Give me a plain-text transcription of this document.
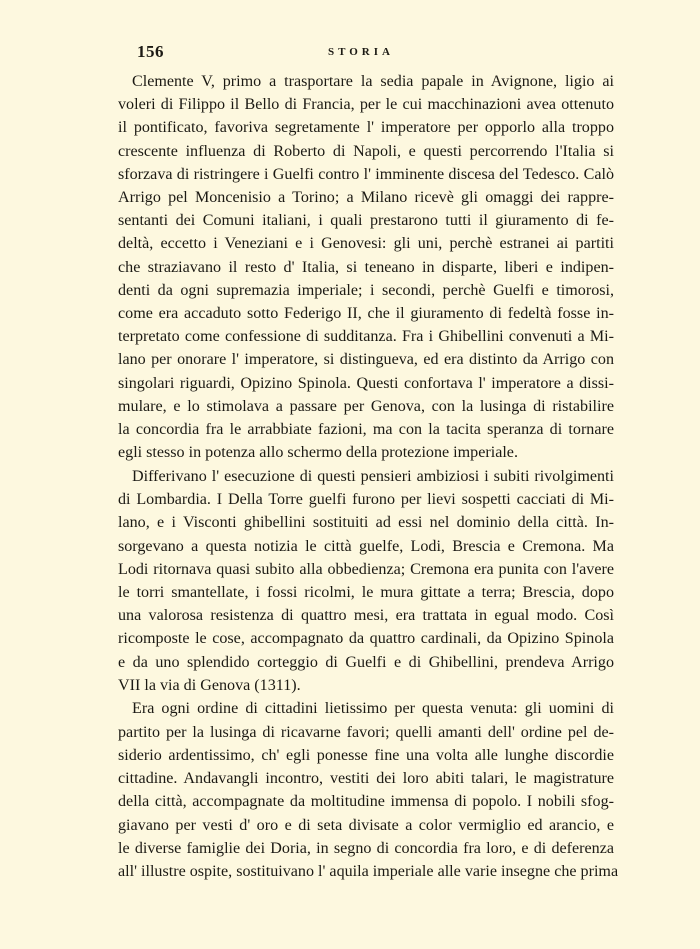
156	STORIA

Clemente V, primo a trasportare la sedia papale in Avignone, ligio ai
voleri di Filippo il Bello di Francia, per le cui macchinazioni avea ottenuto
il pontificato, favoriva segretamente l' imperatore per opporlo alla troppo
crescente influenza di Roberto di Napoli, e questi percorrendo l'Italia si
sforzava di ristringere i Guelfi contro l' imminente discesa del Tedesco. Calò
Arrigo pel Moncenisio a Torino; a Milano ricevè gli omaggi dei rappre-
sentanti dei Comuni italiani, i quali prestarono tutti il giuramento di fe-
deltà, eccetto i Veneziani e i Genovesi: gli uni, perchè estranei ai partiti
che straziavano il resto d' Italia, si teneano in disparte, liberi e indipen-
denti da ogni supremazia imperiale; i secondi, perchè Guelfi e timorosi,
come era accaduto sotto Federigo II, che il giuramento di fedeltà fosse in-
terpretato come confessione di sudditanza. Fra i Ghibellini convenuti a Mi-
lano per onorare l' imperatore, si distingueva, ed era distinto da Arrigo con
singolari riguardi, Opizino Spinola. Questi confortava l' imperatore a dissi-
mulare, e lo stimolava a passare per Genova, con la lusinga di ristabilire
la concordia fra le arrabbiate fazioni, ma con la tacita speranza di tornare
egli stesso in potenza allo schermo della protezione imperiale.

Differivano l' esecuzione di questi pensieri ambiziosi i subiti rivolgimenti
di Lombardia. I Della Torre guelfi furono per lievi sospetti cacciati di Mi-
lano, e i Visconti ghibellini sostituiti ad essi nel dominio della città. In-
sorgevano a questa notizia le città guelfe, Lodi, Brescia e Cremona. Ma
Lodi ritornava quasi subito alla obbedienza; Cremona era punita con l'avere
le torri smantellate, i fossi ricolmi, le mura gittate a terra; Brescia, dopo
una valorosa resistenza di quattro mesi, era trattata in egual modo. Così
ricomposte le cose, accompagnato da quattro cardinali, da Opizino Spinola
e da uno splendido corteggio di Guelfi e di Ghibellini, prendeva Arrigo
VII la via di Genova (1311).

Era ogni ordine di cittadini lietissimo per questa venuta: gli uomini di
partito per la lusinga di ricavarne favori; quelli amanti dell' ordine pel de-
siderio ardentissimo, ch' egli ponesse fine una volta alle lunghe discordie
cittadine. Andavangli incontro, vestiti dei loro abiti talari, le magistrature
della città, accompagnate da moltitudine immensa di popolo. I nobili sfog-
giavano per vesti d' oro e di seta divisate a color vermiglio ed arancio, e
le diverse famiglie dei Doria, in segno di concordia fra loro, e di deferenza
all' illustre ospite, sostituivano l' aquila imperiale alle varie insegne che prima
